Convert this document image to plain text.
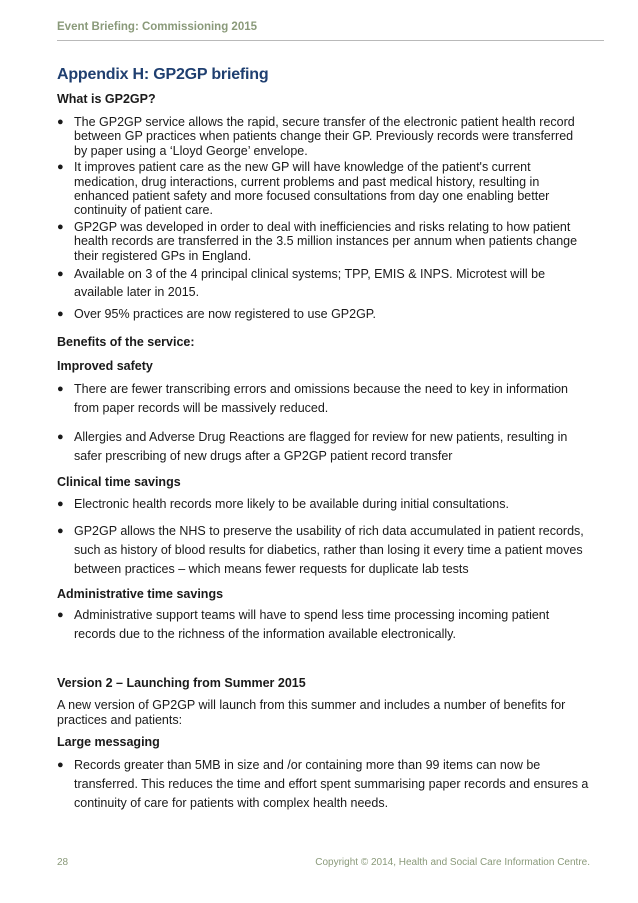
Event Briefing: Commissioning 2015
Appendix H: GP2GP briefing
What is GP2GP?
● The GP2GP service allows the rapid, secure transfer of the electronic patient health record between GP practices when patients change their GP. Previously records were transferred by paper using a ‘Lloyd George’ envelope.
● It improves patient care as the new GP will have knowledge of the patient's current medication, drug interactions, current problems and past medical history, resulting in enhanced patient safety and more focused consultations from day one enabling better continuity of patient care.
● GP2GP was developed in order to deal with inefficiencies and risks relating to how patient health records are transferred in the 3.5 million instances per annum when patients change their registered GPs in England.
● Available on 3 of the 4 principal clinical systems; TPP, EMIS & INPS. Microtest will be available later in 2015.
● Over 95% practices are now registered to use GP2GP.
Benefits of the service:
Improved safety
● There are fewer transcribing errors and omissions because the need to key in information from paper records will be massively reduced.
● Allergies and Adverse Drug Reactions are flagged for review for new patients, resulting in safer prescribing of new drugs after a GP2GP patient record transfer
Clinical time savings
● Electronic health records more likely to be available during initial consultations.
● GP2GP allows the NHS to preserve the usability of rich data accumulated in patient records, such as history of blood results for diabetics, rather than losing it every time a patient moves between practices – which means fewer requests for duplicate lab tests
Administrative time savings
● Administrative support teams will have to spend less time processing incoming patient records due to the richness of the information available electronically.
Version 2 – Launching from Summer 2015

A new version of GP2GP will launch from this summer and includes a number of benefits for practices and patients:

Large messaging
● Records greater than 5MB in size and /or containing more than 99 items can now be transferred. This reduces the time and effort spent summarising paper records and ensures a continuity of care for patients with complex health needs.
28	Copyright © 2014, Health and Social Care Information Centre.
